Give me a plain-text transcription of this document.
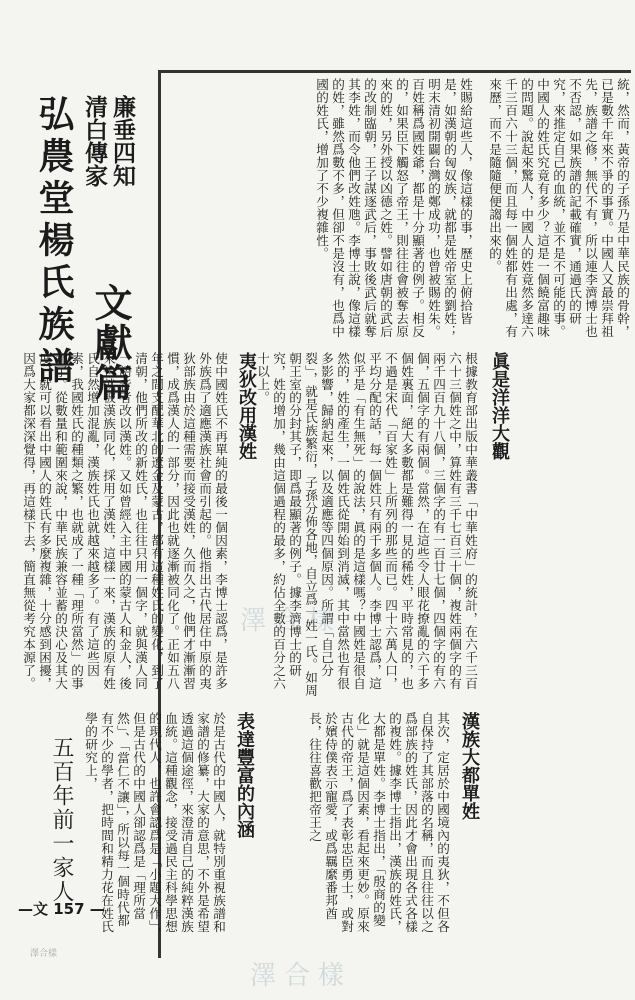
弘農堂楊氏族譜 廉垂四知
清白傳家
文獻篇
五百年前一家人
統，然而，黃帝的子孫乃是中華民族的骨幹，已是數千年來不爭的事實。中國人又最崇拜祖先，族譜之修，無代不有，所以連李濟博士也不否認，如果族譜的記載確實，通過氏的研究，來推定自己的血統，並不是不可能的事。中國人的姓氏究竟有多少？這是一個饒富趣味的問題。說起來驚人，中國人的姓竟然多達六千三百六十三個，而且每一個姓都有出處，有來歷，而不是隨隨便便謅出來的。
姓賜給這些人，像這樣的事，歷史上俯拾皆是，如漢朝的匈奴族，就都是姓帝室的劉姓；明末清初開闢台灣的鄭成功，也曾被賜姓朱。百姓稱爲國姓爺，都是十分顯著的例子。相反的，如果臣下觸怒了帝王，則往往會被奪去原來的姓，另外授以凶德之姓。譬如唐朝的武后的改制臨朝，王子謀逐武后，事敗後武后就奪其李姓，而令他們改姓虺。李博士說，像這樣的姓，雖然爲數不多，但卻不是沒有，也爲中國的姓氏，增加了不少複雜性。
眞是洋洋大觀
夷狄改用漢姓	根據教育部出版中華叢書「中華姓府」的統計，在六千三百六十三個姓之中，算姓有三千七百三十個，複姓兩個字的有兩千四百九十八個，三個字的有一百廿七個，四個字的有六個，五個字的有兩個。當然，在這些令人眼花撩亂的六千多個姓裏面，絕大多數都是難得一見的稀姓，平時常見的，也不過是宋代「百家姓」上所列的那些而已。四十六萬人口，平均分配的話，每一個姓只有兩千多個人。李博士認爲，這似乎是「有生無死」的說法，眞的是這樣嗎？中國姓是很自然的，姓的產生，一個姓氏從開始到消滅，其中當然也有很多影響，歸納起來，以及適應等四個原因。所謂「自己分裂」，就是氏族繁衍，子孫分佈各地，自立爲一姓一氏。如周朝王室的分封其子，即爲最顯著的例子。據李濟博士的研究，姓的增加，幾由這個過程的最多，約佔全數的百分之六十以上。
使中國姓氏不再單純的最後一個因素，李博士認爲，是許多外族爲了適應漢族社會而引起的。他指出古代居住中原的夷狄部族由於這種需要而接受漢姓，久而久之，他們才漸漸習慣，成爲漢人的一部分，因此也就逐漸被同化了。正如五八年之間支配華北的遼金及蒙古，都有這種姓氏的變化，到了清朝，他們所改的新姓氏，也往往只用一個字，就與漢人同一語音者改以漢姓。又如曾經入主中國的蒙古人和金人，後來也就被漢族同化，採用了漢姓，這樣一來，漢族的原有姓氏自然增加混亂，漢族姓氏也就越來越多了。有了這些因素，我國姓氏的種類之繁，也就成了一種「理所當然」的事實了。從數量和範圍來說，中華民族兼容並蓄的決心及其大度，就可以看出中國人的姓氏有多麼複雜，十分感到困擾，因爲大家都深深覺得，再這樣下去，簡直無從考究本源了。
漢族大都單姓
表達豐富的內涵	其次，定居於中國境內的夷狄，不但各自保持了其部落的名稱，而且往往以之爲部族的姓氏，因此才會出現各式各樣的複姓。據李博士指出，漢族的姓氏，大都是單姓。李博士指出，「殷商的變化」就是這個因素，看起來更妙。原來古代的帝王，爲了表彰忠臣勇士，或對於嬪侍僕表示寵愛，或爲羈縻番邦酋長，往往喜歡把帝王之
於是古代的中國人，就特別重視族譜和家譜的修纂，大家的意思，不外是希望透過這個途徑，來澄清自己的純粹漢族血統。這種觀念，接受過民主科學思想的現代人，也許會認爲是「小題大作」，但是古代的中國人卻認爲是「理所當然」、「當仁不讓」，所以每一個時代都有不少的學者，把時間和精力花在姓氏學的研究上，
澤合樣
澤合樣
—文 157 —
澤合樣
